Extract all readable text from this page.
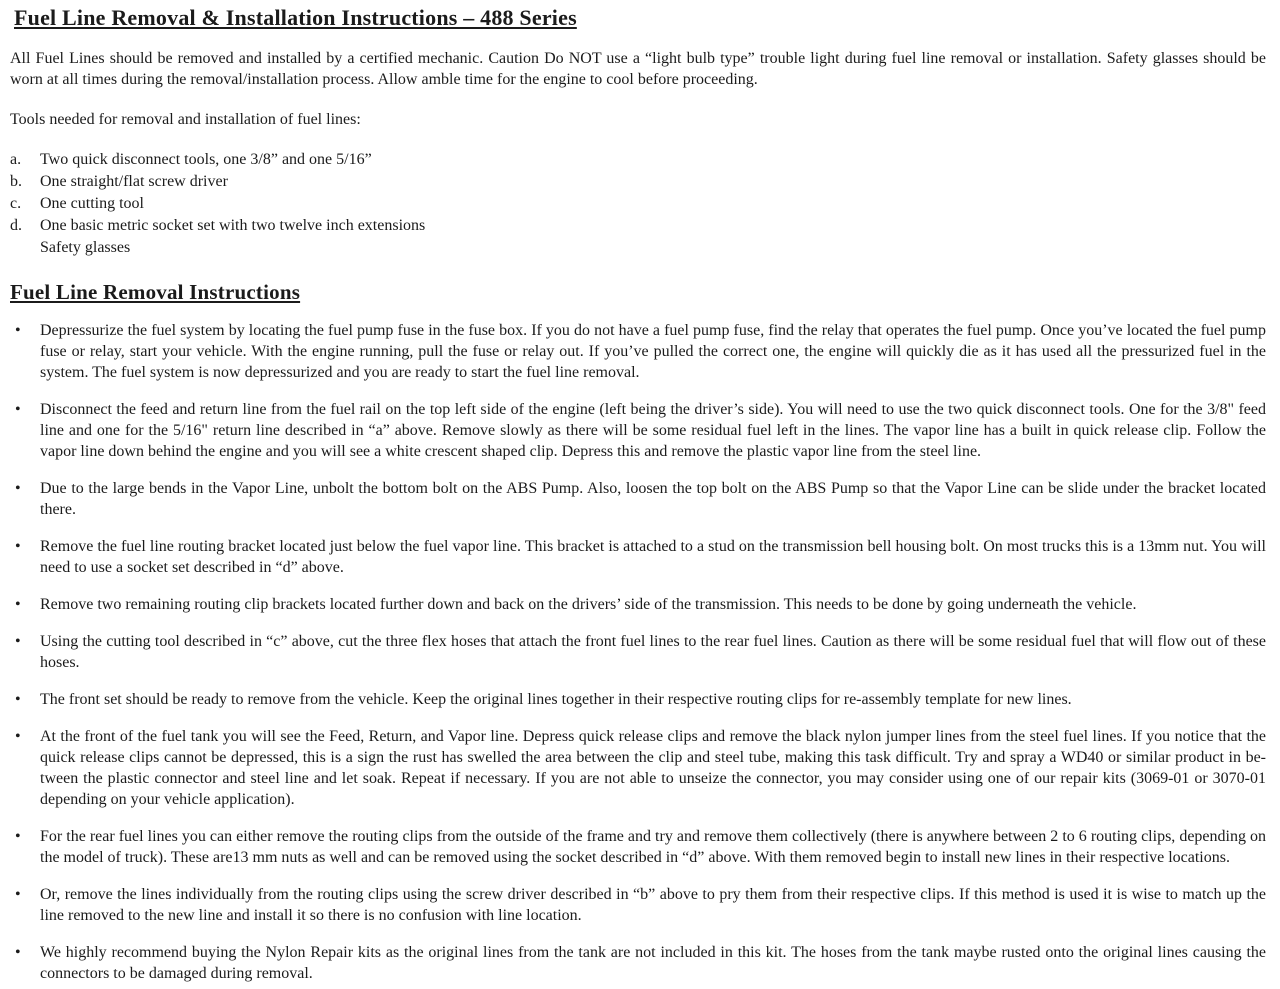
Fuel Line Removal & Installation Instructions – 488 Series

All Fuel Lines should be removed and installed by a certified mechanic. Caution Do NOT use a “light bulb type” trouble light during fuel line removal or installation. Safety glasses should be worn at all times during the removal/installation process. Allow amble time for the engine to cool before proceeding.

Tools needed for removal and installation of fuel lines:

a.	Two quick disconnect tools, one 3/8” and one 5/16”
b.	One straight/flat screw driver
c.	One cutting tool
d.	One basic metric socket set with two twelve inch extensions
Safety glasses
Fuel Line Removal Instructions
• Depressurize the fuel system by locating the fuel pump fuse in the fuse box. If you do not have a fuel pump fuse, find the relay that operates the fuel pump. Once you’ve located the fuel pump fuse or relay, start your vehicle. With the engine running, pull the fuse or relay out. If you’ve pulled the correct one, the engine will quickly die as it has used all the pressurized fuel in the system. The fuel system is now depressurized and you are ready to start the fuel line removal.
• Disconnect the feed and return line from the fuel rail on the top left side of the engine (left being the driver’s side). You will need to use the two quick disconnect tools. One for the 3/8" feed line and one for the 5/16" return line described in “a” above. Remove slowly as there will be some residual fuel left in the lines. The vapor line has a built in quick release clip. Follow the vapor line down behind the engine and you will see a white crescent shaped clip. Depress this and remove the plastic vapor line from the steel line.
• Due to the large bends in the Vapor Line, unbolt the bottom bolt on the ABS Pump. Also, loosen the top bolt on the ABS Pump so that the Vapor Line can be slide under the bracket located there.
• Remove the fuel line routing bracket located just below the fuel vapor line. This bracket is attached to a stud on the transmission bell housing bolt. On most trucks this is a 13mm nut. You will need to use a socket set described in “d” above.
• Remove two remaining routing clip brackets located further down and back on the drivers’ side of the transmission. This needs to be done by going underneath the vehicle.
• Using the cutting tool described in “c” above, cut the three flex hoses that attach the front fuel lines to the rear fuel lines. Caution as there will be some residual fuel that will flow out of these hoses.
• The front set should be ready to remove from the vehicle. Keep the original lines together in their respective routing clips for re-assembly template for new lines.
• At the front of the fuel tank you will see the Feed, Return, and Vapor line. Depress quick release clips and remove the black nylon jumper lines from the steel fuel lines. If you notice that the quick release clips cannot be depressed, this is a sign the rust has swelled the area between the clip and steel tube, making this task difficult. Try and spray a WD40 or similar product in be-tween the plastic connector and steel line and let soak. Repeat if necessary. If you are not able to unseize the connector, you may consider using one of our repair kits (3069-01 or 3070-01 depending on your vehicle application).
• For the rear fuel lines you can either remove the routing clips from the outside of the frame and try and remove them collectively (there is anywhere between 2 to 6 routing clips, depending on the model of truck). These are13 mm nuts as well and can be removed using the socket described in “d” above. With them removed begin to install new lines in their respective locations.
• Or, remove the lines individually from the routing clips using the screw driver described in “b” above to pry them from their respective clips. If this method is used it is wise to match up the line removed to the new line and install it so there is no confusion with line location.
• We highly recommend buying the Nylon Repair kits as the original lines from the tank are not included in this kit. The hoses from the tank maybe rusted onto the original lines causing the connectors to be damaged during removal.
